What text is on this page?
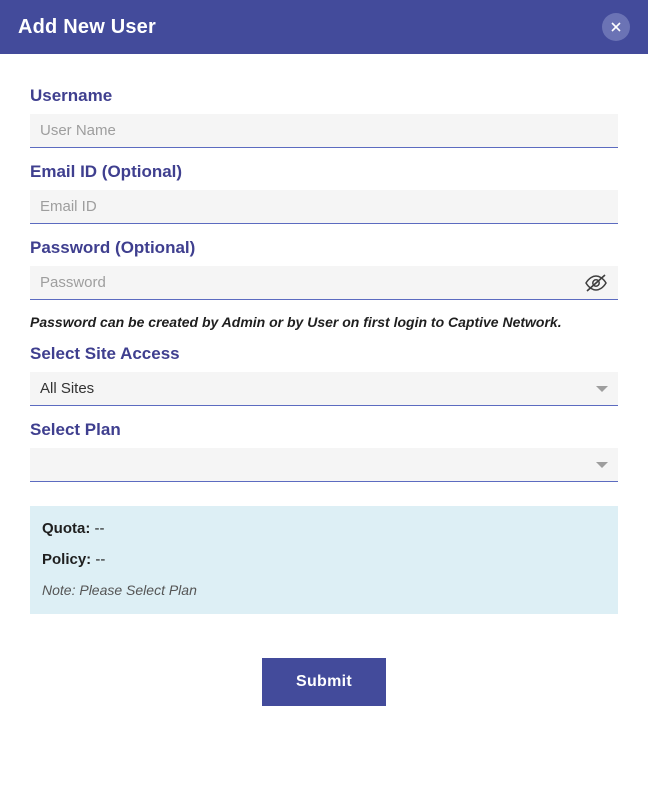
Add New User
Username
User Name
Email ID (Optional)
Email ID
Password (Optional)
Password

Password can be created by Admin or by User on first login to Captive Network.

Select Site Access
All Sites
Select Plan
Quota: --
Policy: --

Note: Please Select Plan

Submit
